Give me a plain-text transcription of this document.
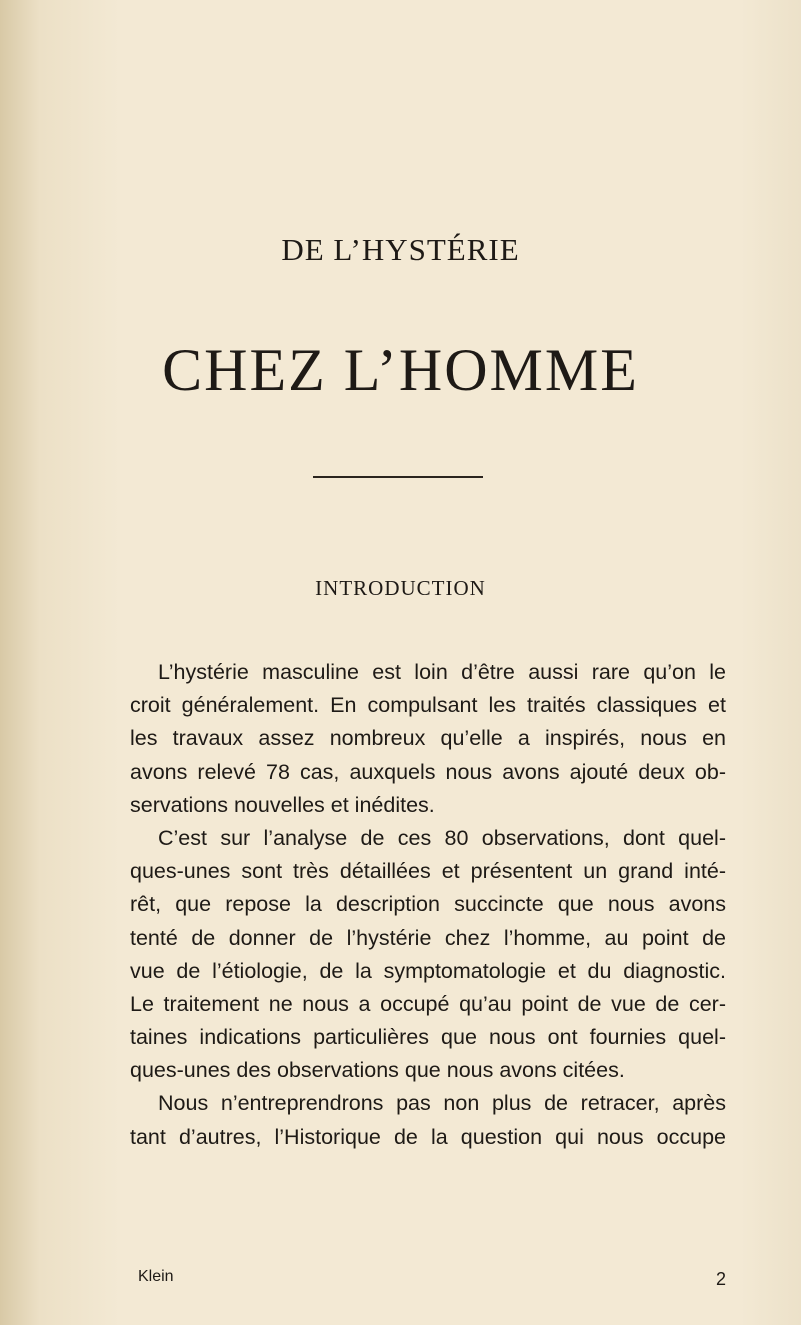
DE L’HYSTÉRIE
CHEZ L’HOMME
INTRODUCTION
L’hystérie masculine est loin d’être aussi rare qu’on le
croit généralement. En compulsant les traités classiques et
les travaux assez nombreux qu’elle a inspirés, nous en
avons relevé 78 cas, auxquels nous avons ajouté deux ob-
servations nouvelles et inédites.
C’est sur l’analyse de ces 80 observations, dont quel-
ques-unes sont très détaillées et présentent un grand inté-
rêt, que repose la description succincte que nous avons
tenté de donner de l’hystérie chez l’homme, au point de
vue de l’étiologie, de la symptomatologie et du diagnostic.
Le traitement ne nous a occupé qu’au point de vue de cer-
taines indications particulières que nous ont fournies quel-
ques-unes des observations que nous avons citées.
Nous n’entreprendrons pas non plus de retracer, après
tant d’autres, l’Historique de la question qui nous occupe
Klein	2
